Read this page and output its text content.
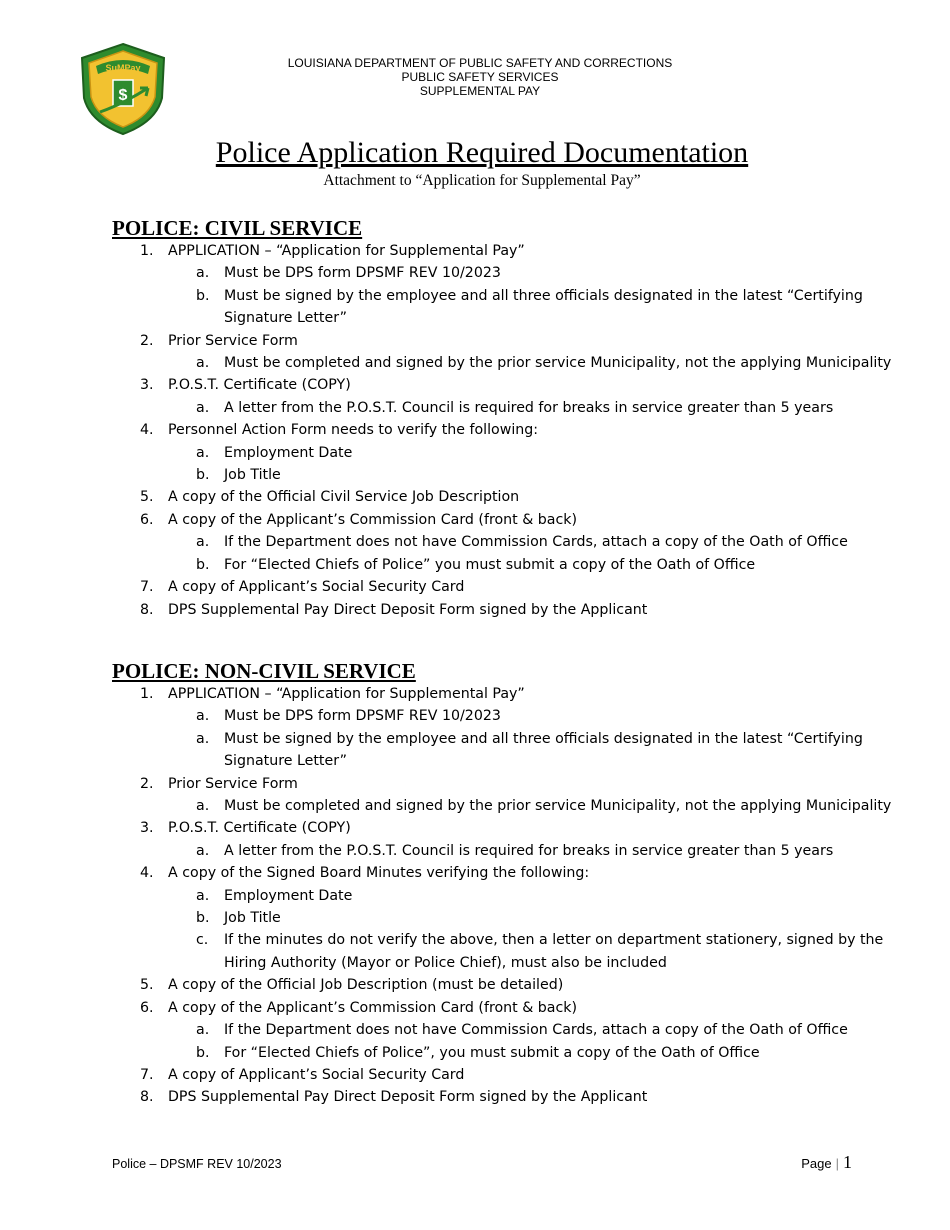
SuMPay
$
LOUISIANA DEPARTMENT OF PUBLIC SAFETY AND CORRECTIONS
PUBLIC SAFETY SERVICES
SUPPLEMENTAL PAY
Police Application Required Documentation
Attachment to “Application for Supplemental Pay”
POLICE: CIVIL SERVICE
1. APPLICATION – “Application for Supplemental Pay”
a. Must be DPS form DPSMF REV 10/2023
b. Must be signed by the employee and all three officials designated in the latest “Certifying Signature Letter”
2. Prior Service Form
a. Must be completed and signed by the prior service Municipality, not the applying Municipality
3. P.O.S.T. Certificate (COPY)
a. A letter from the P.O.S.T. Council is required for breaks in service greater than 5 years
4. Personnel Action Form needs to verify the following:
a. Employment Date
b. Job Title
5. A copy of the Official Civil Service Job Description
6. A copy of the Applicant’s Commission Card (front & back)
a. If the Department does not have Commission Cards, attach a copy of the Oath of Office
b. For “Elected Chiefs of Police” you must submit a copy of the Oath of Office
7. A copy of Applicant’s Social Security Card
8. DPS Supplemental Pay Direct Deposit Form signed by the Applicant
POLICE: NON-CIVIL SERVICE
1. APPLICATION – “Application for Supplemental Pay”
a. Must be DPS form DPSMF REV 10/2023
a. Must be signed by the employee and all three officials designated in the latest “Certifying Signature Letter”
2. Prior Service Form
a. Must be completed and signed by the prior service Municipality, not the applying Municipality
3. P.O.S.T. Certificate (COPY)
a. A letter from the P.O.S.T. Council is required for breaks in service greater than 5 years
4. A copy of the Signed Board Minutes verifying the following:
a. Employment Date
b. Job Title
c. If the minutes do not verify the above, then a letter on department stationery, signed by the Hiring Authority (Mayor or Police Chief), must also be included
5. A copy of the Official Job Description (must be detailed)
6. A copy of the Applicant’s Commission Card (front & back)
a. If the Department does not have Commission Cards, attach a copy of the Oath of Office
b. For “Elected Chiefs of Police”, you must submit a copy of the Oath of Office
7. A copy of Applicant’s Social Security Card
8. DPS Supplemental Pay Direct Deposit Form signed by the Applicant
Police – DPSMF REV 10/2023	Page | 1
